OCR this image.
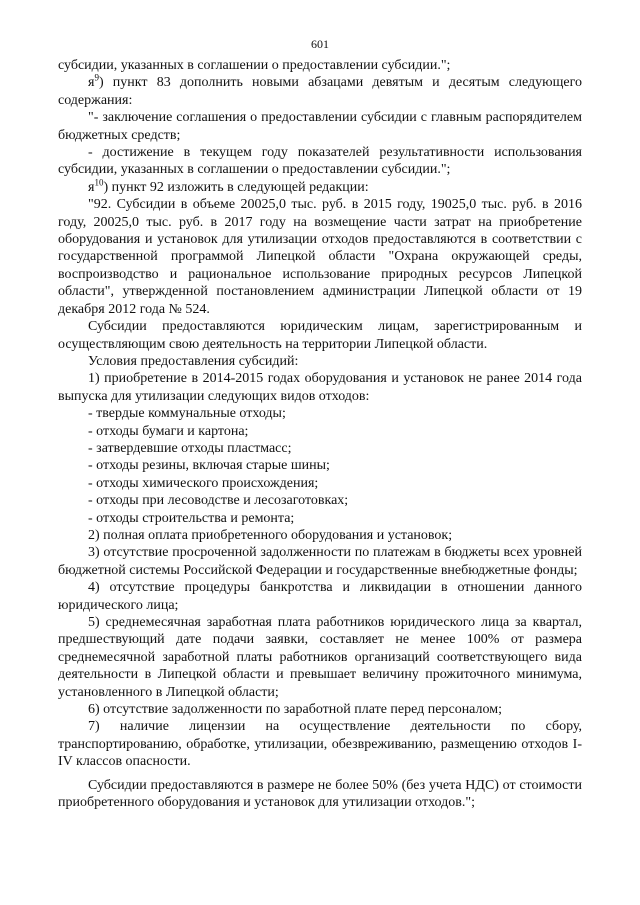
601

субсидии, указанных в соглашении о предоставлении субсидии.";

$я^9$) пункт 83 дополнить новыми абзацами девятым и десятым следующего содержания:

"- заключение соглашения о предоставлении субсидии с главным распорядителем бюджетных средств;

- достижение в текущем году показателей результативности использования субсидии, указанных в соглашении о предоставлении субсидии.";

$я^{10}$) пункт 92 изложить в следующей редакции:

"92. Субсидии в объеме 20025,0 тыс. руб. в 2015 году, 19025,0 тыс. руб. в 2016 году, 20025,0 тыс. руб. в 2017 году на возмещение части затрат на приобретение оборудования и установок для утилизации отходов предоставляются в соответствии с государственной программой Липецкой области "Охрана окружающей среды, воспроизводство и рациональное использование природных ресурсов Липецкой области", утвержденной постановлением администрации Липецкой области от 19 декабря 2012 года № 524.

Субсидии предоставляются юридическим лицам, зарегистрированным и осуществляющим свою деятельность на территории Липецкой области.

Условия предоставления субсидий:

1) приобретение в 2014-2015 годах оборудования и установок не ранее 2014 года выпуска для утилизации следующих видов отходов:

- твердые коммунальные отходы;

- отходы бумаги и картона;

- затвердевшие отходы пластмасс;

- отходы резины, включая старые шины;

- отходы химического происхождения;

- отходы при лесоводстве и лесозаготовках;

- отходы строительства и ремонта;

2) полная оплата приобретенного оборудования и установок;

3) отсутствие просроченной задолженности по платежам в бюджеты всех уровней бюджетной системы Российской Федерации и государственные внебюджетные фонды;

4) отсутствие процедуры банкротства и ликвидации в отношении данного юридического лица;

5) среднемесячная заработная плата работников юридического лица за квартал, предшествующий дате подачи заявки, составляет не менее 100% от размера среднемесячной заработной платы работников организаций соответствующего вида деятельности в Липецкой области и превышает величину прожиточного минимума, установленного в Липецкой области;

6) отсутствие задолженности по заработной плате перед персоналом;

7) наличие лицензии на осуществление деятельности по сбору, транспортированию, обработке, утилизации, обезвреживанию, размещению отходов I-IV классов опасности.

Субсидии предоставляются в размере не более 50% (без учета НДС) от стоимости приобретенного оборудования и установок для утилизации отходов.";
